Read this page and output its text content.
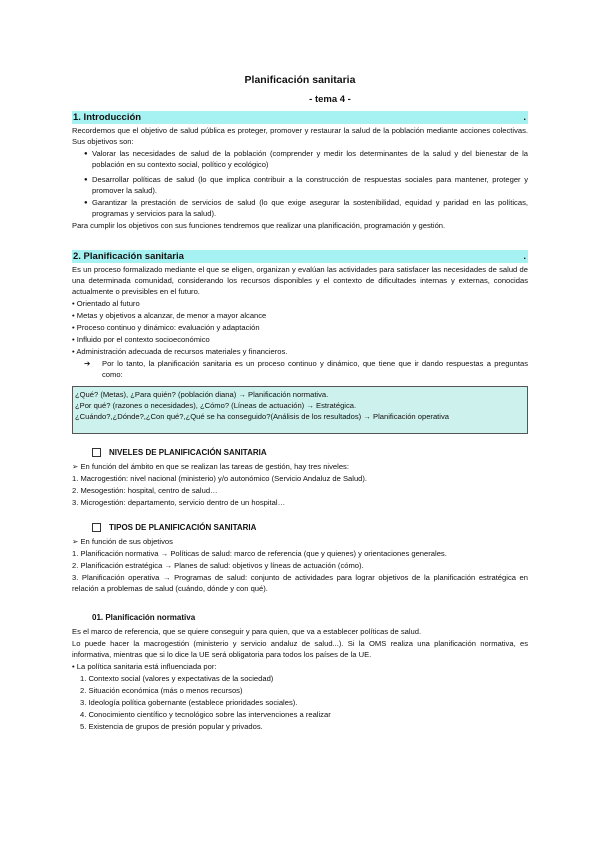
Planificación sanitaria
- tema 4 -
1. Introducción	.
Recordemos que el objetivo de salud pública es proteger, promover y restaurar la salud de la población mediante acciones colectivas. Sus objetivos son:
● Valorar las necesidades de salud de la población (comprender y medir los determinantes de la salud y del bienestar de la población en su contexto social, político y ecológico)
● Desarrollar políticas de salud (lo que implica contribuir a la construcción de respuestas sociales para mantener, proteger y promover la salud).
● Garantizar la prestación de servicios de salud (lo que exige asegurar la sostenibilidad, equidad y paridad en las políticas, programas y servicios para la salud).
Para cumplir los objetivos con sus funciones tendremos que realizar una planificación, programación y gestión.
2. Planificación sanitaria	.
Es un proceso formalizado mediante el que se eligen, organizan y evalúan las actividades para satisfacer las necesidades de salud de una determinada comunidad, considerando los recursos disponibles y el contexto de dificultades internas y externas, conocidas actualmente o previsibles en el futuro.
• Orientado al futuro
• Metas y objetivos a alcanzar, de menor a mayor alcance
• Proceso continuo y dinámico: evaluación y adaptación
• Influido por el contexto socioeconómico
• Administración adecuada de recursos materiales y financieros.
➔ Por lo tanto, la planificación sanitaria es un proceso continuo y dinámico, que tiene que ir dando respuestas a preguntas como:
¿Qué? (Metas), ¿Para quién? (población diana) → Planificación normativa.
¿Por qué? (razones o necesidades), ¿Cómo? (Líneas de actuación) → Estratégica.
¿Cuándo?,¿Dónde?,¿Con qué?,¿Qué se ha conseguido?(Análisis de los resultados) → Planificación operativa
NIVELES DE PLANIFICACIÓN SANITARIA
➢ En función del ámbito en que se realizan las tareas de gestión, hay tres niveles:
1. Macrogestión: nivel nacional (ministerio) y/o autonómico (Servicio Andaluz de Salud).
2. Mesogestión: hospital, centro de salud…
3. Microgestión: departamento, servicio dentro de un hospital…
TIPOS DE PLANIFICACIÓN SANITARIA
➢ En función de sus objetivos
1. Planificación normativa → Políticas de salud: marco de referencia (que y quienes) y orientaciones generales.
2. Planificación estratégica → Planes de salud: objetivos y líneas de actuación (cómo).
3. Planificación operativa → Programas de salud: conjunto de actividades para lograr objetivos de la planificación estratégica en relación a problemas de salud (cuándo, dónde y con qué).
01. Planificación normativa
Es el marco de referencia, que se quiere conseguir y para quien, que va a establecer políticas de salud.
Lo puede hacer la macrogestión (ministerio y servicio andaluz de salud...). Si la OMS realiza una planificación normativa, es informativa, mientras que si lo dice la UE será obligatoria para todos los países de la UE.
• La política sanitaria está influenciada por:
1. Contexto social (valores y expectativas de la sociedad)
2. Situación económica (más o menos recursos)
3. Ideología política gobernante (establece prioridades sociales).
4. Conocimiento científico y tecnológico sobre las intervenciones a realizar
5. Existencia de grupos de presión popular y privados.
